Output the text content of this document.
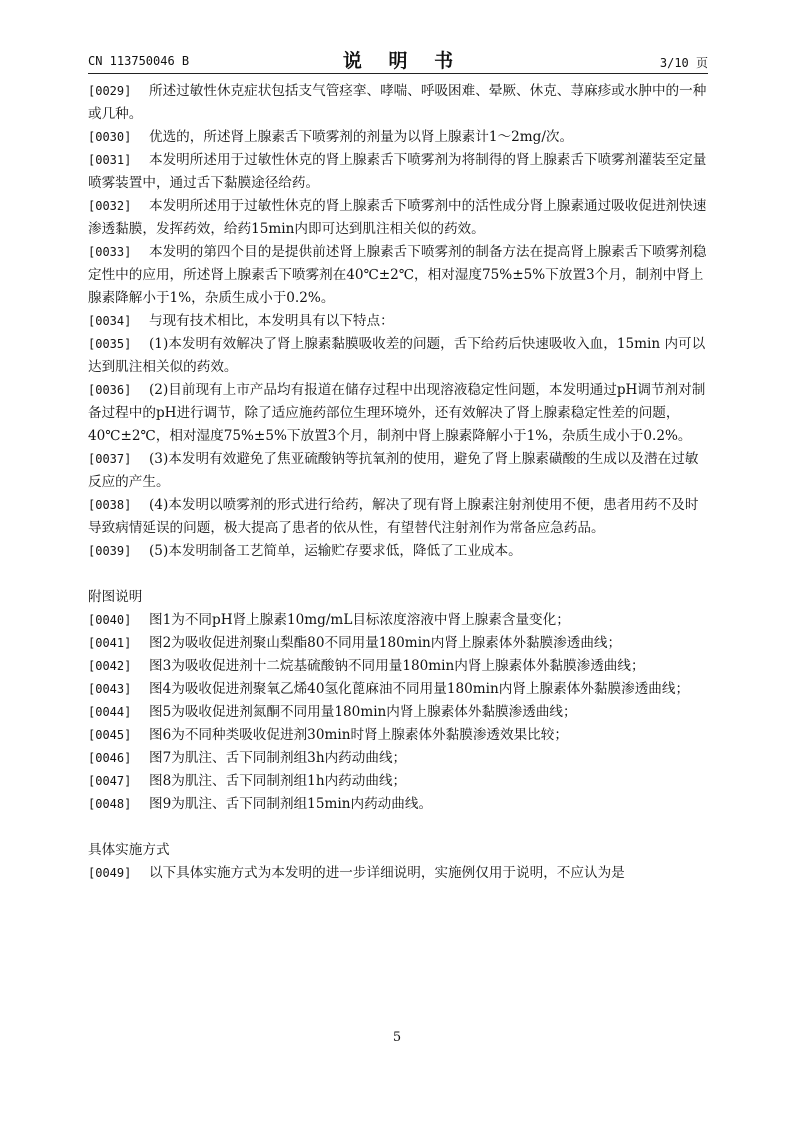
CN 113750046 B	说 明 书	3/10 页

[0029] 所述过敏性休克症状包括支气管痉挛、哮喘、呼吸困难、晕厥、休克、荨麻疹或水肿中的一种或几种。

[0030] 优选的，所述肾上腺素舌下喷雾剂的剂量为以肾上腺素计1～2mg/次。

[0031] 本发明所述用于过敏性休克的肾上腺素舌下喷雾剂为将制得的肾上腺素舌下喷雾剂灌装至定量喷雾装置中，通过舌下黏膜途径给药。

[0032] 本发明所述用于过敏性休克的肾上腺素舌下喷雾剂中的活性成分肾上腺素通过吸收促进剂快速渗透黏膜，发挥药效，给药15min内即可达到肌注相关似的药效。

[0033] 本发明的第四个目的是提供前述肾上腺素舌下喷雾剂的制备方法在提高肾上腺素舌下喷雾剂稳定性中的应用，所述肾上腺素舌下喷雾剂在40℃±2℃，相对湿度75%±5%下放置3个月，制剂中肾上腺素降解小于1%，杂质生成小于0.2%。

[0034] 与现有技术相比，本发明具有以下特点：

[0035] (1)本发明有效解决了肾上腺素黏膜吸收差的问题，舌下给药后快速吸收入血，15min 内可以达到肌注相关似的药效。

[0036] (2)目前现有上市产品均有报道在储存过程中出现溶液稳定性问题，本发明通过pH调节剂对制备过程中的pH进行调节，除了适应施药部位生理环境外，还有效解决了肾上腺素稳定性差的问题，40℃±2℃，相对湿度75%±5%下放置3个月，制剂中肾上腺素降解小于1%，杂质生成小于0.2%。

[0037] (3)本发明有效避免了焦亚硫酸钠等抗氧剂的使用，避免了肾上腺素磺酸的生成以及潜在过敏反应的产生。

[0038] (4)本发明以喷雾剂的形式进行给药，解决了现有肾上腺素注射剂使用不便，患者用药不及时导致病情延误的问题，极大提高了患者的依从性，有望替代注射剂作为常备应急药品。

[0039] (5)本发明制备工艺简单，运输贮存要求低，降低了工业成本。

附图说明

[0040] 图1为不同pH肾上腺素10mg/mL目标浓度溶液中肾上腺素含量变化；

[0041] 图2为吸收促进剂聚山梨酯80不同用量180min内肾上腺素体外黏膜渗透曲线；

[0042] 图3为吸收促进剂十二烷基硫酸钠不同用量180min内肾上腺素体外黏膜渗透曲线；

[0043] 图4为吸收促进剂聚氧乙烯40氢化蓖麻油不同用量180min内肾上腺素体外黏膜渗透曲线；

[0044] 图5为吸收促进剂氮酮不同用量180min内肾上腺素体外黏膜渗透曲线；

[0045] 图6为不同种类吸收促进剂30min时肾上腺素体外黏膜渗透效果比较；

[0046] 图7为肌注、舌下同制剂组3h内药动曲线；

[0047] 图8为肌注、舌下同制剂组1h内药动曲线；

[0048] 图9为肌注、舌下同制剂组15min内药动曲线。

具体实施方式

[0049] 以下具体实施方式为本发明的进一步详细说明，实施例仅用于说明，不应认为是

5
